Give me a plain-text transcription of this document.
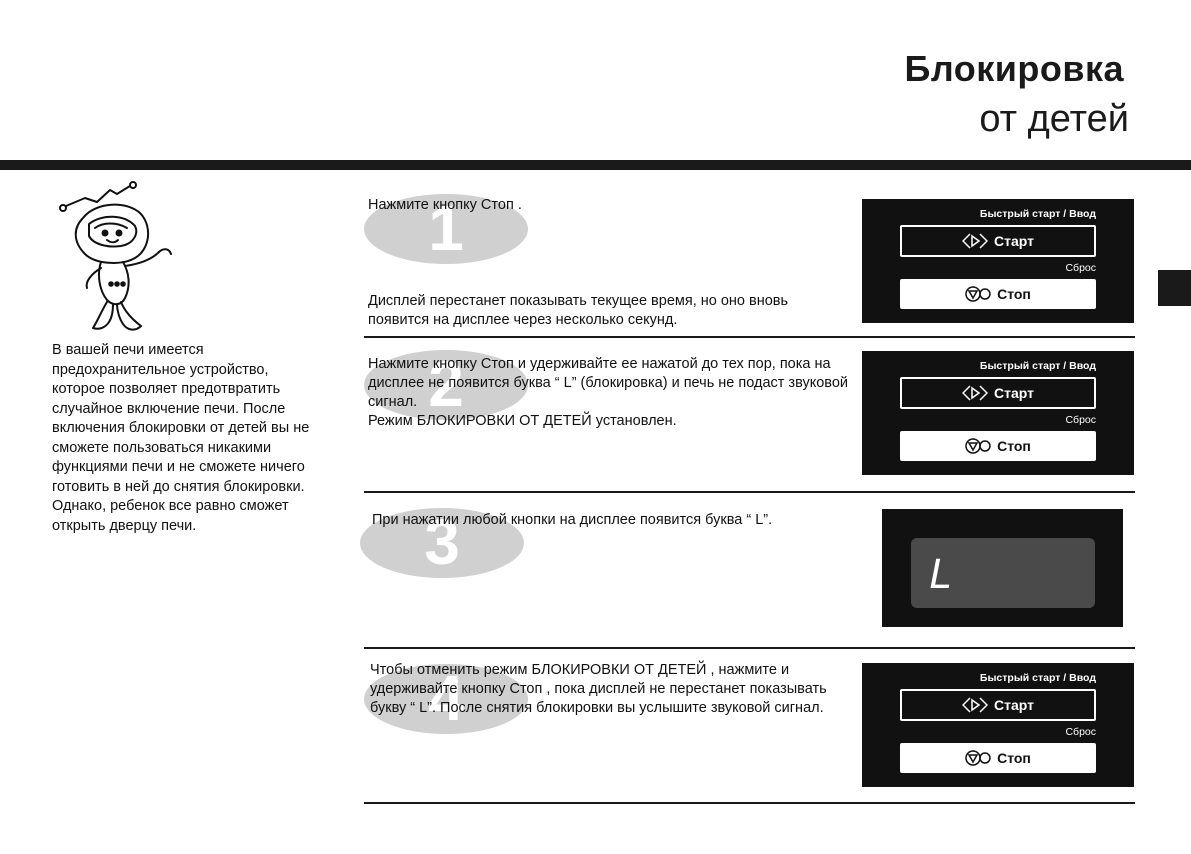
Блокировка
от детей

В вашей печи имеется предохранительное устройство, которое позволяет предотвратить случайное включение печи. После включения блокировки от детей вы не сможете пользоваться никакими функциями печи и не сможете ничего готовить в ней до снятия блокировки.

Однако, ребенок все равно сможет открыть дверцу печи.

1
Нажмите кнопку Стоп .
Дисплей перестанет показывать текущее время, но оно вновь появится на дисплее через несколько секунд.
Быстрый старт / Ввод
Старт
Сброс
Стоп
2
Нажмите кнопку Стоп и удерживайте ее нажатой до тех пор, пока на дисплее не появится буква “ L” (блокировка) и печь не подаст звуковой сигнал.
Режим БЛОКИРОВКИ ОТ ДЕТЕЙ установлен.
Быстрый старт / Ввод
Старт
Сброс
Стоп
3
При нажатии любой кнопки на дисплее появится буква “ L”.
L
4
Чтобы отменить режим БЛОКИРОВКИ ОТ ДЕТЕЙ , нажмите и удерживайте кнопку Стоп , пока дисплей не перестанет показывать букву “ L”. После снятия блокировки вы услышите звуковой сигнал.
Быстрый старт / Ввод
Старт
Сброс
Стоп
